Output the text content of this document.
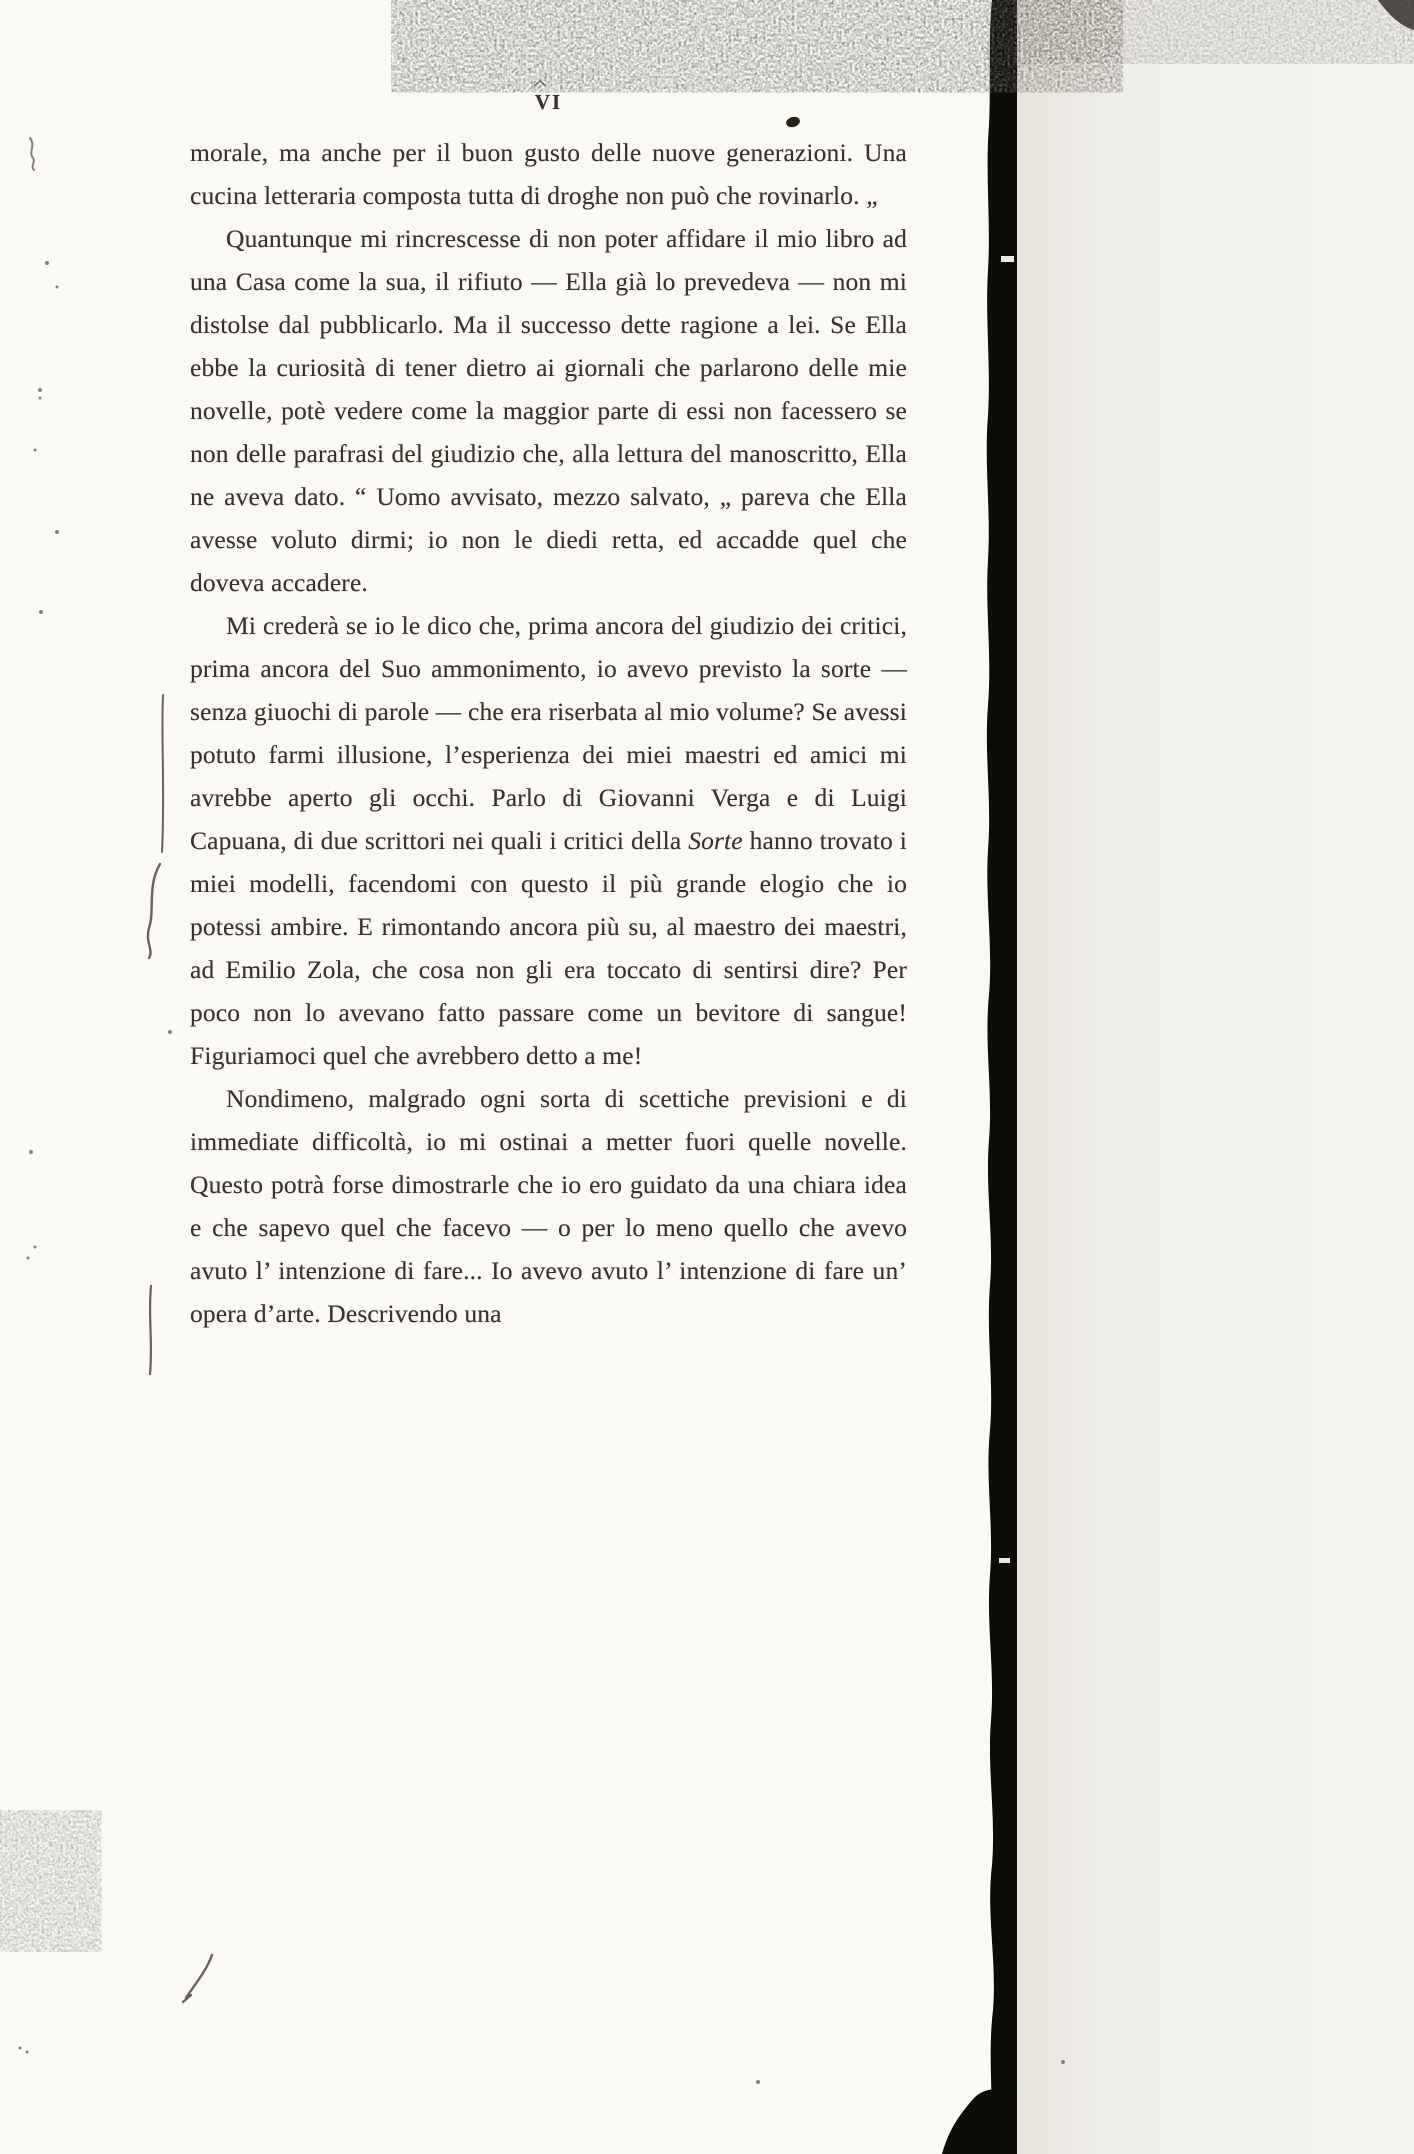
VI

morale, ma anche per il buon gusto delle nuove generazioni. Una cucina letteraria composta tutta di droghe non può che rovinarlo. „

Quantunque mi rincrescesse di non poter affidare il mio libro ad una Casa come la sua, il rifiuto — Ella già lo prevedeva — non mi distolse dal pubblicarlo. Ma il successo dette ragione a lei. Se Ella ebbe la curiosità di tener dietro ai giornali che parlarono delle mie novelle, potè vedere come la maggior parte di essi non facessero se non delle parafrasi del giudizio che, alla lettura del manoscritto, Ella ne aveva dato. “ Uomo avvisato, mezzo salvato, „ pareva che Ella avesse voluto dirmi; io non le diedi retta, ed accadde quel che doveva accadere.

Mi crederà se io le dico che, prima ancora del giudizio dei critici, prima ancora del Suo ammonimento, io avevo previsto la sorte — senza giuochi di parole — che era riserbata al mio volume? Se avessi potuto farmi illusione, l’esperienza dei miei maestri ed amici mi avrebbe aperto gli occhi. Parlo di Giovanni Verga e di Luigi Capuana, di due scrittori nei quali i critici della Sorte hanno trovato i miei modelli, facendomi con questo il più grande elogio che io potessi ambire. E rimontando ancora più su, al maestro dei maestri, ad Emilio Zola, che cosa non gli era toccato di sentirsi dire? Per poco non lo avevano fatto passare come un bevitore di sangue! Figuriamoci quel che avrebbero detto a me!

Nondimeno, malgrado ogni sorta di scettiche previsioni e di immediate difficoltà, io mi ostinai a metter fuori quelle novelle. Questo potrà forse dimostrarle che io ero guidato da una chiara idea e che sapevo quel che facevo — o per lo meno quello che avevo avuto l’ intenzione di fare... Io avevo avuto l’ intenzione di fare un’ opera d’arte. Descrivendo una
